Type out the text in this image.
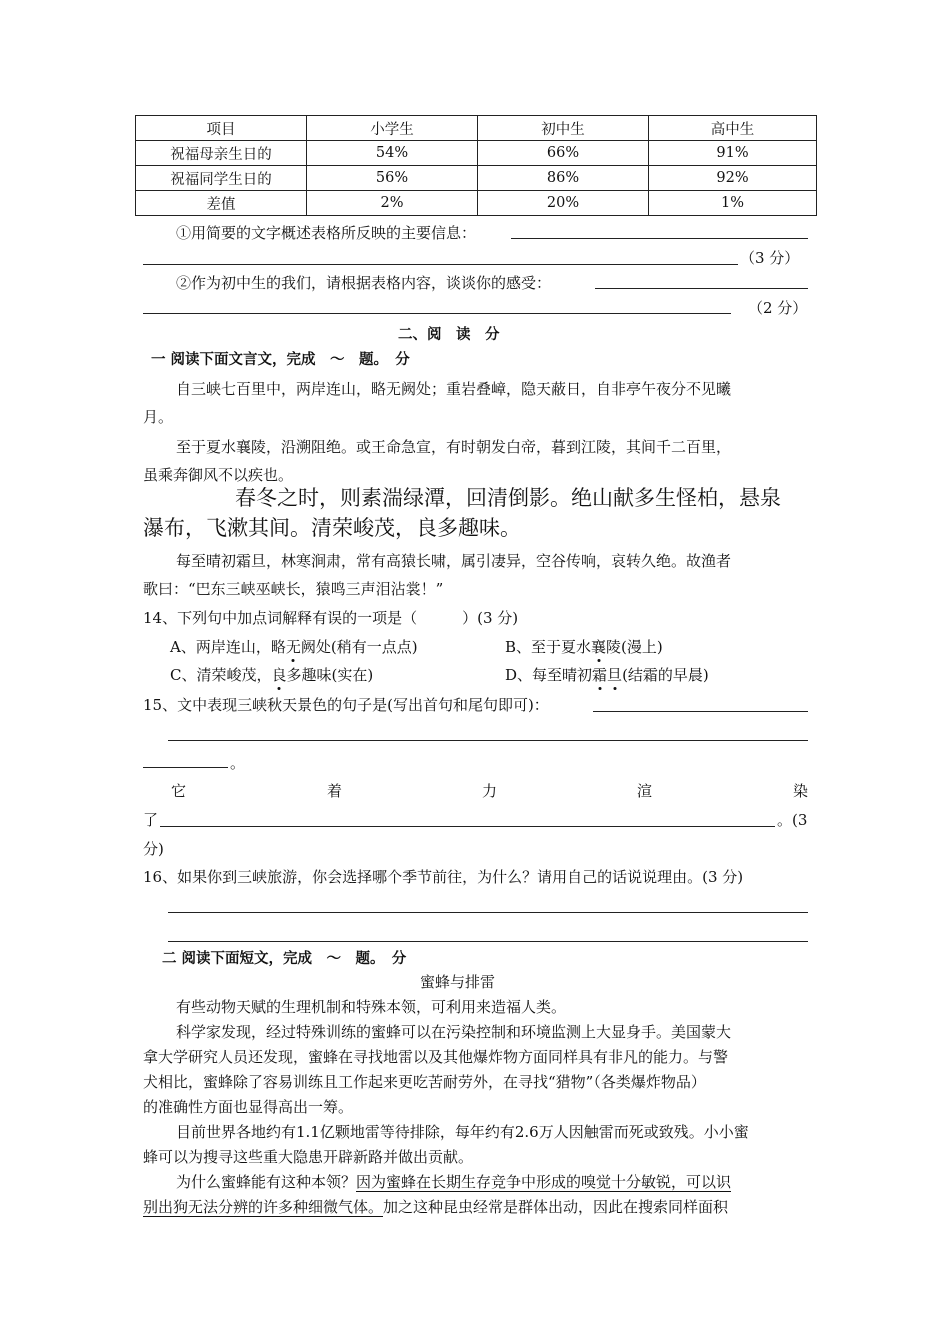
项目	小学生	初中生	高中生
祝福母亲生日的	54%	66%	91%
祝福同学生日的	56%	86%	92%
差值	2%	20%	1%
①用简要的文字概述表格所反映的主要信息：
（3 分）
②作为初中生的我们，请根据表格内容，谈谈你的感受：
（2 分）
二、阅　读　分
一 阅读下面文言文，完成　～　题。　分
自三峡七百里中，两岸连山，略无阙处；重岩叠嶂，隐天蔽日，自非亭午夜分不见曦
月。
至于夏水襄陵，沿溯阻绝。或王命急宣，有时朝发白帝，暮到江陵，其间千二百里，
虽乘奔御风不以疾也。
春冬之时，则素湍绿潭，回清倒影。绝山献多生怪柏，悬泉
瀑布，飞漱其间。清荣峻茂，良多趣味。
每至晴初霜旦，林寒涧肃，常有高猿长啸，属引凄异，空谷传响，哀转久绝。故渔者
歌曰：“巴东三峡巫峡长，猿鸣三声泪沾裳！”
14、下列句中加点词解释有误的一项是（　　　）(3 分)
A、两岸连山，略无
阙处(稍有一点点)	B、至于夏水襄
陵(漫上)
C、清荣峻茂，良
多趣味(实在)	D、每至晴初霜
旦
(结霜的早晨)
15、文中表现三峡秋天景色的句子是(写出首句和尾句即可)：
。
它	着	力	渲	染
了	。(3
分)
16、如果你到三峡旅游，你会选择哪个季节前往，为什么？请用自己的话说说理由。(3 分)
二 阅读下面短文，完成　～　题。　分
蜜蜂与排雷
有些动物天赋的生理机制和特殊本领，可利用来造福人类。
科学家发现，经过特殊训练的蜜蜂可以在污染控制和环境监测上大显身手。美国蒙大
拿大学研究人员还发现，蜜蜂在寻找地雷以及其他爆炸物方面同样具有非凡的能力。与警
犬相比，蜜蜂除了容易训练且工作起来更吃苦耐劳外，在寻找“猎物”（各类爆炸物品）
的准确性方面也显得高出一筹。
目前世界各地约有1.1亿颗地雷等待排除，每年约有2.6万人因触雷而死或致残。小小蜜
蜂可以为搜寻这些重大隐患开辟新路并做出贡献。
为什么蜜蜂能有这种本领？因为蜜蜂在长期生存竞争中形成的嗅觉十分敏锐，可以识
别出狗无法分辨的许多种细微气体。加之这种昆虫经常是群体出动，因此在搜索同样面积
